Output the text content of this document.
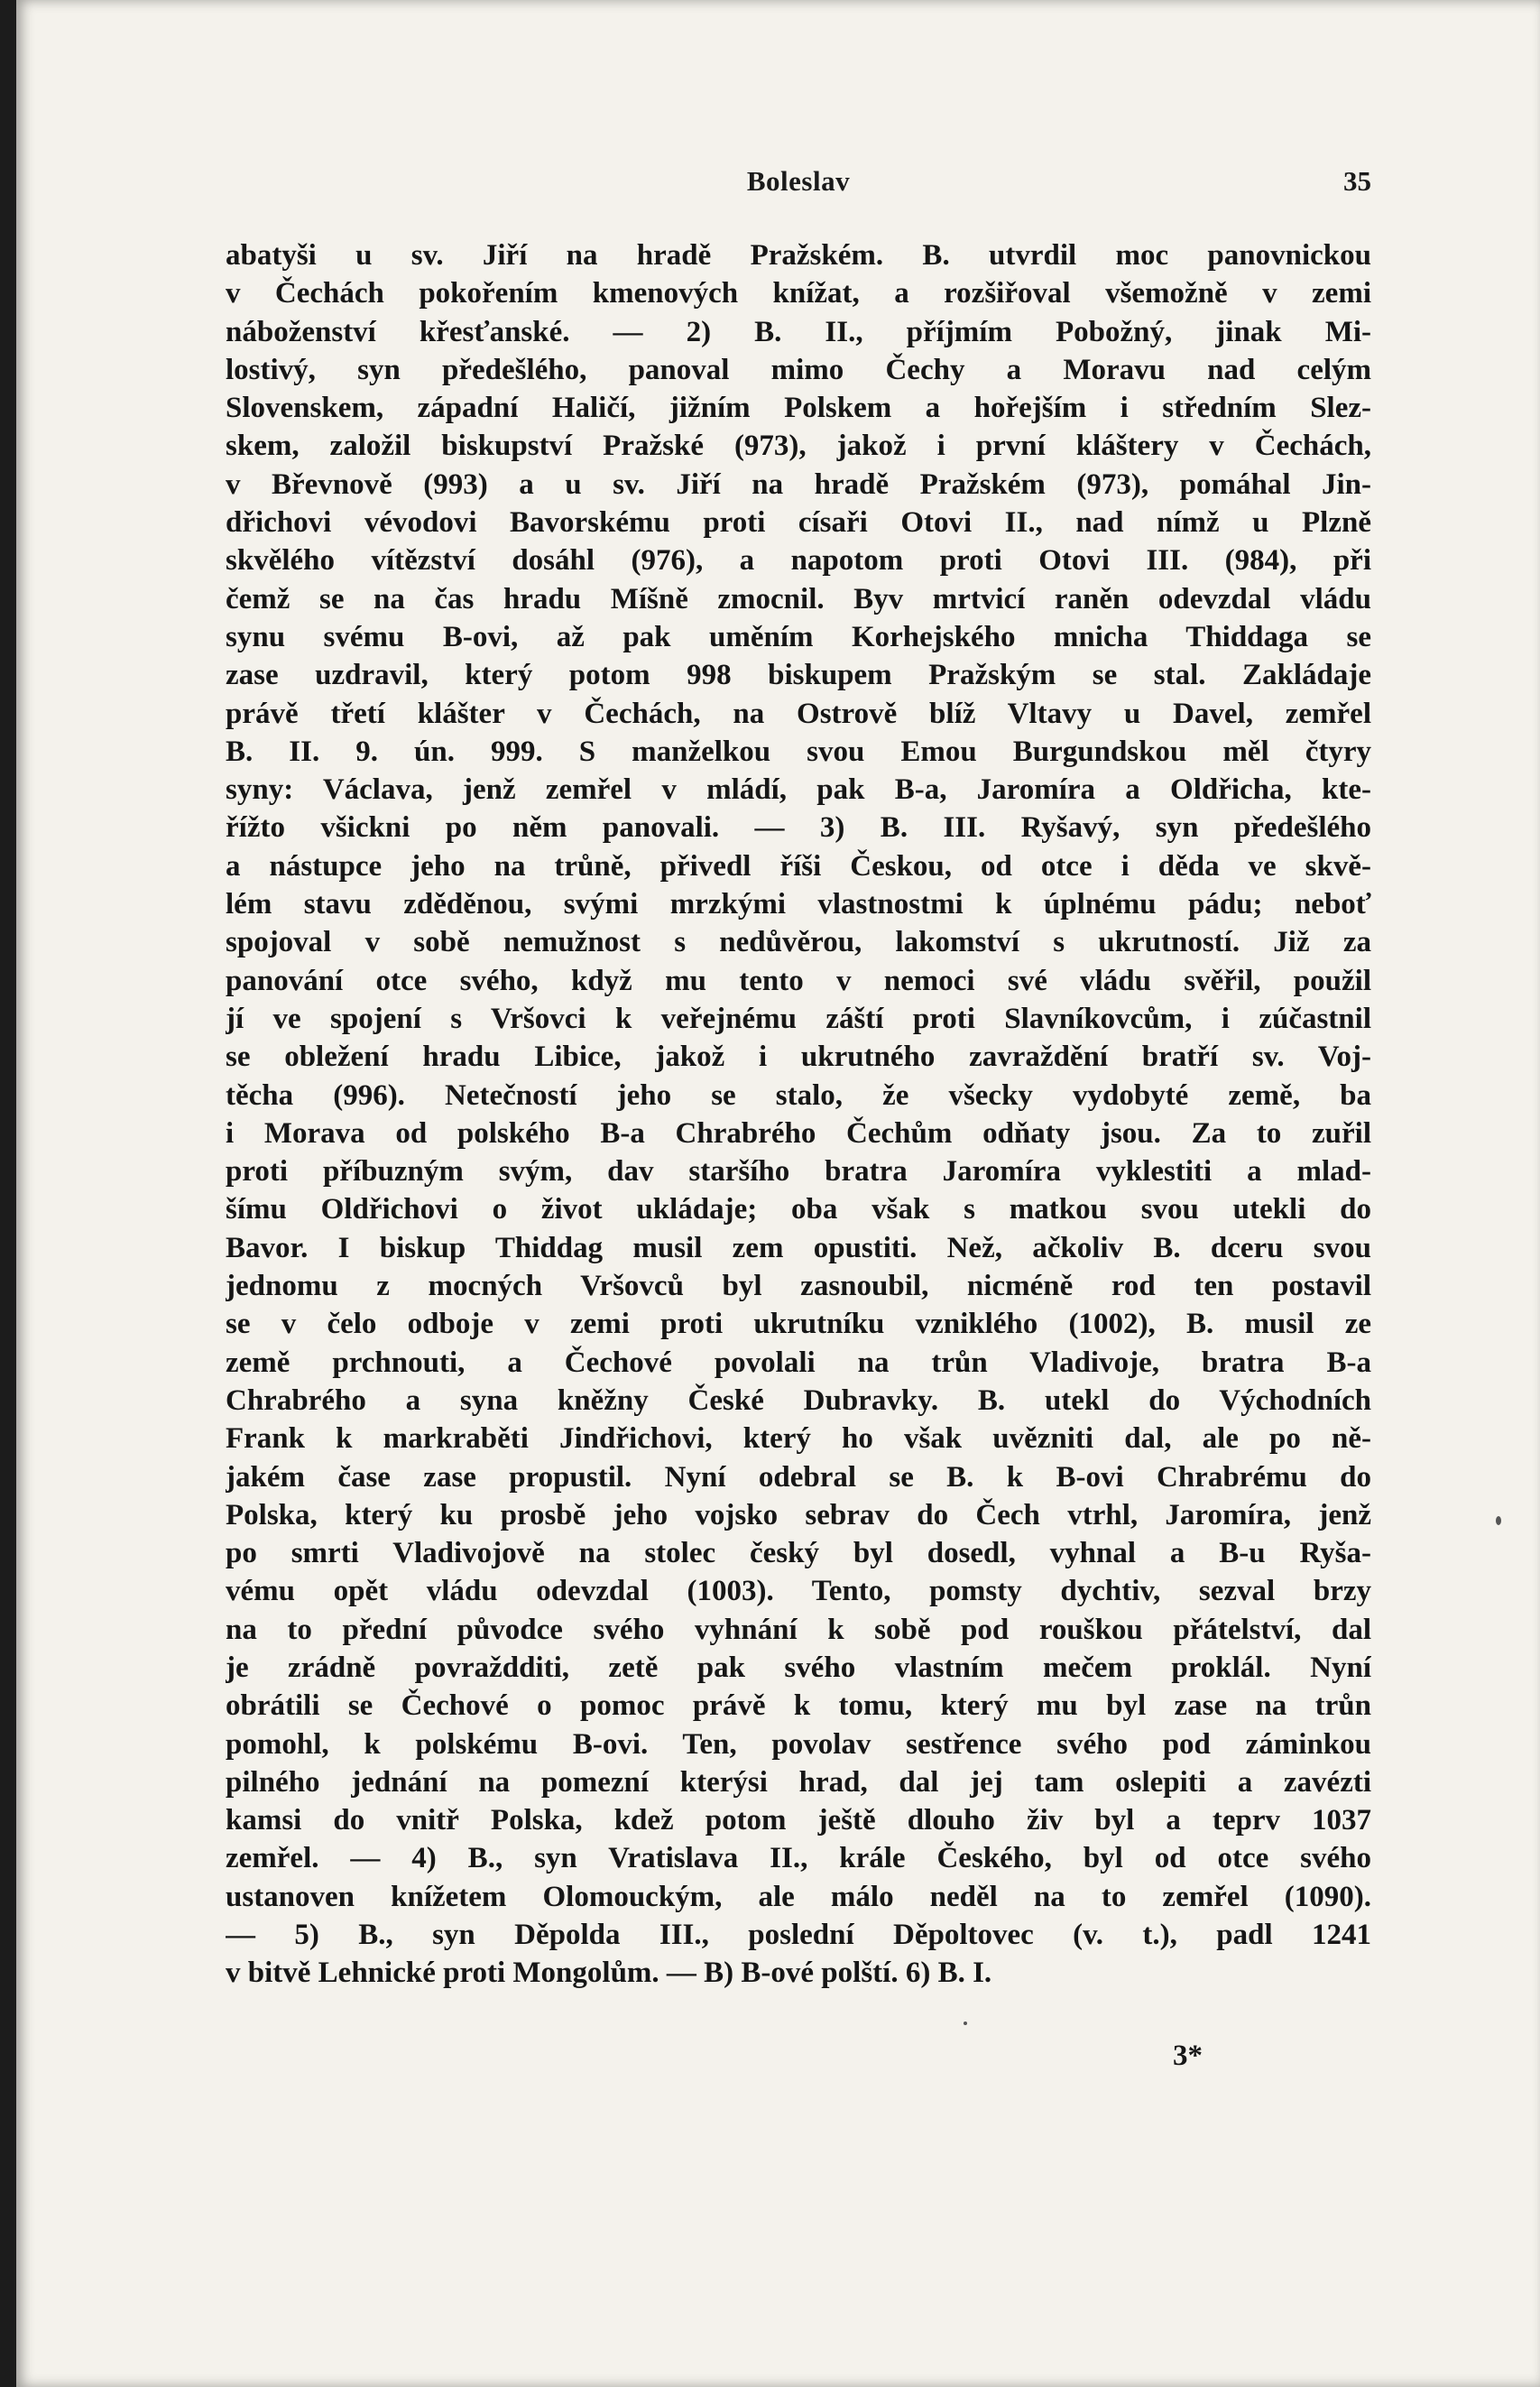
Boleslav	35
abatyši u sv. Jiří na hradě Pražském. B. utvrdil moc panovnickou
v Čechách pokořením kmenových knížat, a rozšiřoval všemožně v zemi
náboženství křesťanské. — 2) B. II., příjmím Pobožný, jinak Mi-
lostivý, syn předešlého, panoval mimo Čechy a Moravu nad celým
Slovenskem, západní Haličí, jižním Polskem a hořejším i středním Slez-
skem, založil biskupství Pražské (973), jakož i první kláštery v Čechách,
v Břevnově (993) a u sv. Jiří na hradě Pražském (973), pomáhal Jin-
dřichovi vévodovi Bavorskému proti císaři Otovi II., nad nímž u Plzně
skvělého vítězství dosáhl (976), a napotom proti Otovi III. (984), při
čemž se na čas hradu Míšně zmocnil. Byv mrtvicí raněn odevzdal vládu
synu svému B-ovi, až pak uměním Korhejského mnicha Thiddaga se
zase uzdravil, který potom 998 biskupem Pražským se stal. Zakládaje
právě třetí klášter v Čechách, na Ostrově blíž Vltavy u Davel, zemřel
B. II. 9. ún. 999. S manželkou svou Emou Burgundskou měl čtyry
syny: Václava, jenž zemřel v mládí, pak B-a, Jaromíra a Oldřicha, kte-
řížto všickni po něm panovali. — 3) B. III. Ryšavý, syn předešlého
a nástupce jeho na trůně, přivedl říši Českou, od otce i děda ve skvě-
lém stavu zděděnou, svými mrzkými vlastnostmi k úplnému pádu; neboť
spojoval v sobě nemužnost s nedůvěrou, lakomství s ukrutností. Již za
panování otce svého, když mu tento v nemoci své vládu svěřil, použil
jí ve spojení s Vršovci k veřejnému záští proti Slavníkovcům, i zúčastnil
se obležení hradu Libice, jakož i ukrutného zavraždění bratří sv. Voj-
těcha (996). Netečností jeho se stalo, že všecky vydobyté země, ba
i Morava od polského B-a Chrabrého Čechům odňaty jsou. Za to zuřil
proti příbuzným svým, dav staršího bratra Jaromíra vyklestiti a mlad-
šímu Oldřichovi o život ukládaje; oba však s matkou svou utekli do
Bavor. I biskup Thiddag musil zem opustiti. Než, ačkoliv B. dceru svou
jednomu z mocných Vršovců byl zasnoubil, nicméně rod ten postavil
se v čelo odboje v zemi proti ukrutníku vzniklého (1002), B. musil ze
země prchnouti, a Čechové povolali na trůn Vladivoje, bratra B-a
Chrabrého a syna kněžny České Dubravky. B. utekl do Východních
Frank k markraběti Jindřichovi, který ho však uvězniti dal, ale po ně-
jakém čase zase propustil. Nyní odebral se B. k B-ovi Chrabrému do
Polska, který ku prosbě jeho vojsko sebrav do Čech vtrhl, Jaromíra, jenž
po smrti Vladivojově na stolec český byl dosedl, vyhnal a B-u Ryša-
vému opět vládu odevzdal (1003). Tento, pomsty dychtiv, sezval brzy
na to přední původce svého vyhnání k sobě pod rouškou přátelství, dal
je zrádně povraždditi, zetě pak svého vlastním mečem proklál. Nyní
obrátili se Čechové o pomoc právě k tomu, který mu byl zase na trůn
pomohl, k polskému B-ovi. Ten, povolav sestřence svého pod záminkou
pilného jednání na pomezní kterýsi hrad, dal jej tam oslepiti a zavézti
kamsi do vnitř Polska, kdež potom ještě dlouho živ byl a teprv 1037
zemřel. — 4) B., syn Vratislava II., krále Českého, byl od otce svého
ustanoven knížetem Olomouckým, ale málo neděl na to zemřel (1090).
— 5) B., syn Děpolda III., poslední Děpoltovec (v. t.), padl 1241
v bitvě Lehnické proti Mongolům. — B) B-ové polští. 6) B. I.
3*
